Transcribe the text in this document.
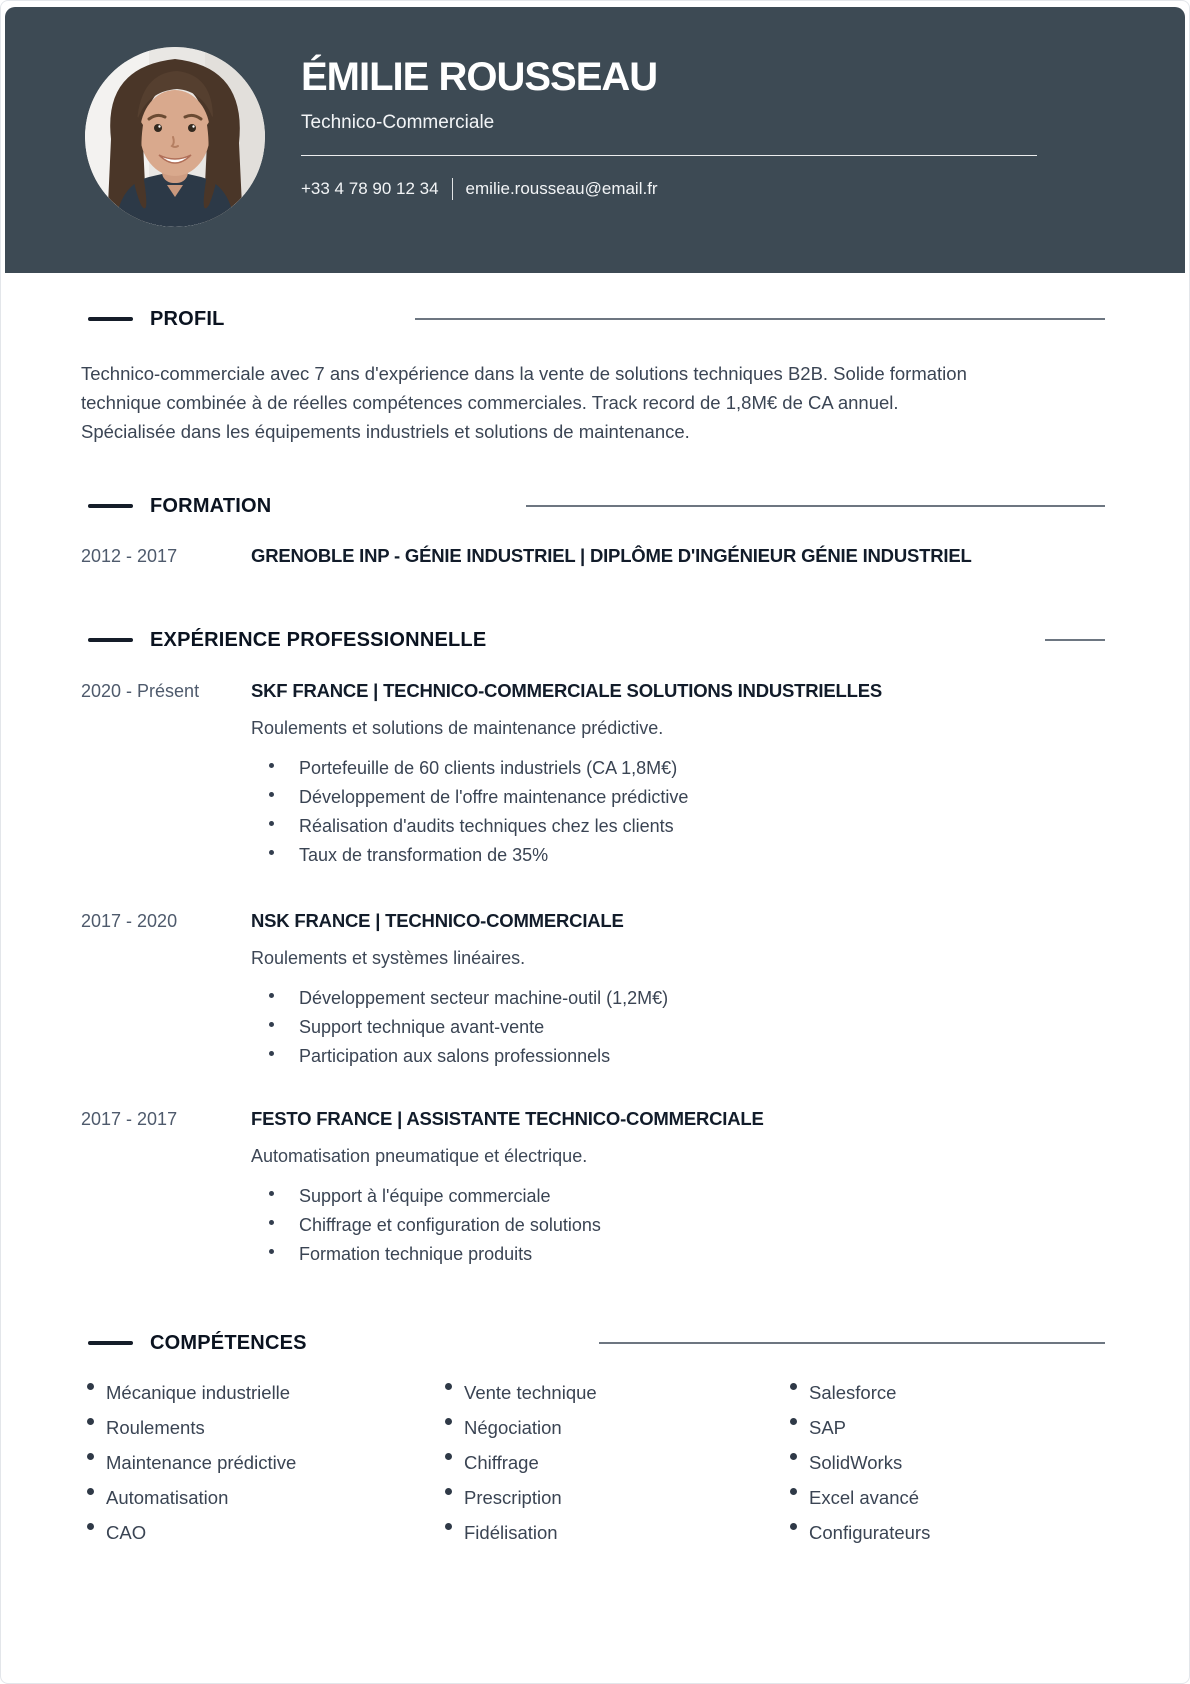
ÉMILIE ROUSSEAU
Technico-Commerciale
+33 4 78 90 12 34 emilie.rousseau@email.fr
PROFIL

Technico-commerciale avec 7 ans d'expérience dans la vente de solutions techniques B2B. Solide formation technique combinée à de réelles compétences commerciales. Track record de 1,8M€ de CA annuel. Spécialisée dans les équipements industriels et solutions de maintenance.

FORMATION
2012 - 2017	GRENOBLE INP - GÉNIE INDUSTRIEL | DIPLÔME D'INGÉNIEUR GÉNIE INDUSTRIEL
EXPÉRIENCE PROFESSIONNELLE
2020 - Présent	SKF FRANCE | TECHNICO-COMMERCIALE SOLUTIONS INDUSTRIELLES
Roulements et solutions de maintenance prédictive.
Portefeuille de 60 clients industriels (CA 1,8M€)
Développement de l'offre maintenance prédictive
Réalisation d'audits techniques chez les clients
Taux de transformation de 35%
2017 - 2020	NSK FRANCE | TECHNICO-COMMERCIALE
Roulements et systèmes linéaires.
Développement secteur machine-outil (1,2M€)
Support technique avant-vente
Participation aux salons professionnels
2017 - 2017	FESTO FRANCE | ASSISTANTE TECHNICO-COMMERCIALE
Automatisation pneumatique et électrique.
Support à l'équipe commerciale
Chiffrage et configuration de solutions
Formation technique produits
COMPÉTENCES
Mécanique industrielle
Roulements
Maintenance prédictive
Automatisation
CAO
Vente technique
Négociation
Chiffrage
Prescription
Fidélisation
Salesforce
SAP
SolidWorks
Excel avancé
Configurateurs
